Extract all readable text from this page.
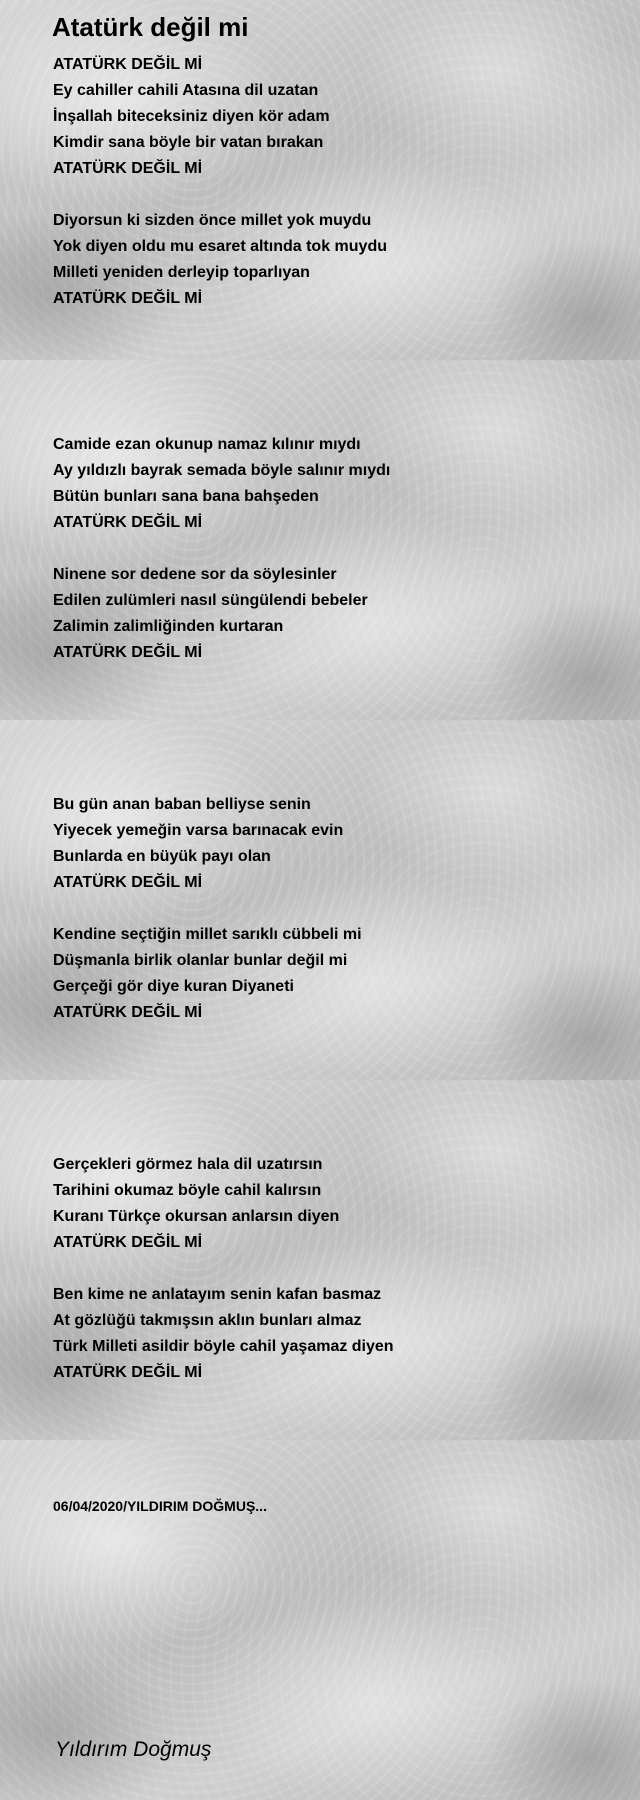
Atatürk değil mi
ATATÜRK DEĞİL Mİ
Ey cahiller cahili Atasına dil uzatan
İnşallah biteceksiniz diyen kör adam
Kimdir sana böyle bir vatan bırakan
ATATÜRK DEĞİL Mİ
Diyorsun ki sizden önce millet yok muydu
Yok diyen oldu mu esaret altında tok muydu
Milleti yeniden derleyip toparlıyan
ATATÜRK DEĞİL Mİ
Camide ezan okunup namaz kılınır mıydı
Ay yıldızlı bayrak semada böyle salınır mıydı
Bütün bunları sana bana bahşeden
ATATÜRK DEĞİL Mİ
Ninene sor dedene sor da söylesinler
Edilen zulümleri nasıl süngülendi bebeler
Zalimin zalimliğinden kurtaran
ATATÜRK DEĞİL Mİ
Bu gün anan baban belliyse senin
Yiyecek yemeğin varsa barınacak evin
Bunlarda en büyük payı olan
ATATÜRK DEĞİL Mİ
Kendine seçtiğin millet sarıklı cübbeli mi
Düşmanla birlik olanlar bunlar değil mi
Gerçeği gör diye kuran Diyaneti
ATATÜRK DEĞİL Mİ
Gerçekleri görmez hala dil uzatırsın
Tarihini okumaz böyle cahil kalırsın
Kuranı Türkçe okursan anlarsın diyen
ATATÜRK DEĞİL Mİ
Ben kime ne anlatayım senin kafan basmaz
At gözlüğü takmışsın aklın bunları almaz
Türk Milleti asildir böyle cahil yaşamaz diyen
ATATÜRK DEĞİL Mİ
06/04/2020/YILDIRIM DOĞMUŞ...
Yıldırım Doğmuş
